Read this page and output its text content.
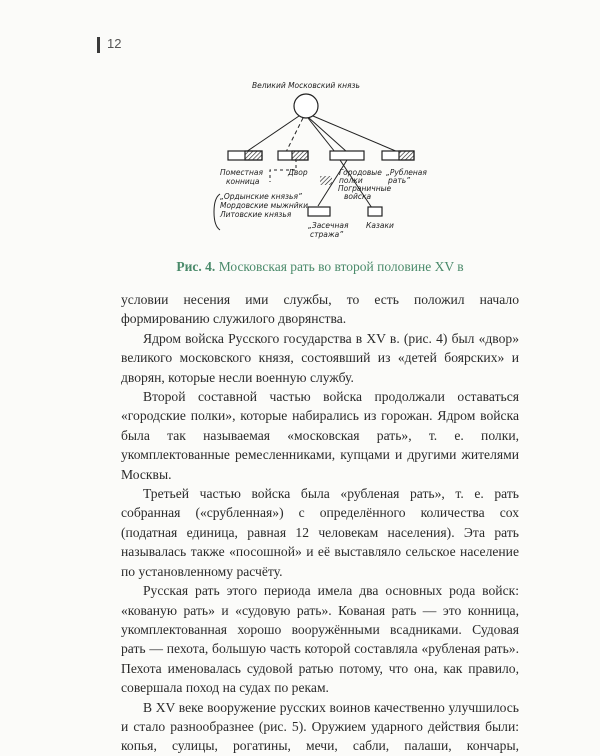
12
Великий Московский князь
Поместная
конница
Двор	Городовые
полки
Пограничные
войска
„Рубленая
рать”
„Ордынские князья”
Мордовские мыжнйки
Литовские князья
„Засечная
стража”
Казаки
Рис. 4. Московская рать во второй половине XV в

условии несения ими службы, то есть положил начало формированию служилого дворянства.

Ядром войска Русского государства в XV в. (рис. 4) был «двор» великого московского князя, состоявший из «детей боярских» и дворян, которые несли военную службу.

Второй составной частью войска продолжали оставаться «городские полки», которые набирались из горожан. Ядром войска была так называемая «московская рать», т. е. полки, укомплектованные ремесленниками, купцами и другими жителями Москвы.

Третьей частью войска была «рубленая рать», т. е. рать собранная («срубленная») с определённого количества сох (податная единица, равная 12 человекам населения). Эта рать называлась также «посошной» и её выставляло сельское население по установленному расчёту.

Русская рать этого периода имела два основных рода войск: «кованую рать» и «судовую рать». Кованая рать — это конница, укомплектованная хорошо вооружёнными всадниками. Судовая рать — пехота, большую часть которой составляла «рубленая рать». Пехота именовалась судовой ратью потому, что она, как правило, совершала поход на судах по рекам.

В XV веке вооружение русских воинов качественно улучшилось и стало разнообразнее (рис. 5). Оружием ударного действия были: копья, сулицы, рогатины, мечи, сабли, палаши, кончары,
